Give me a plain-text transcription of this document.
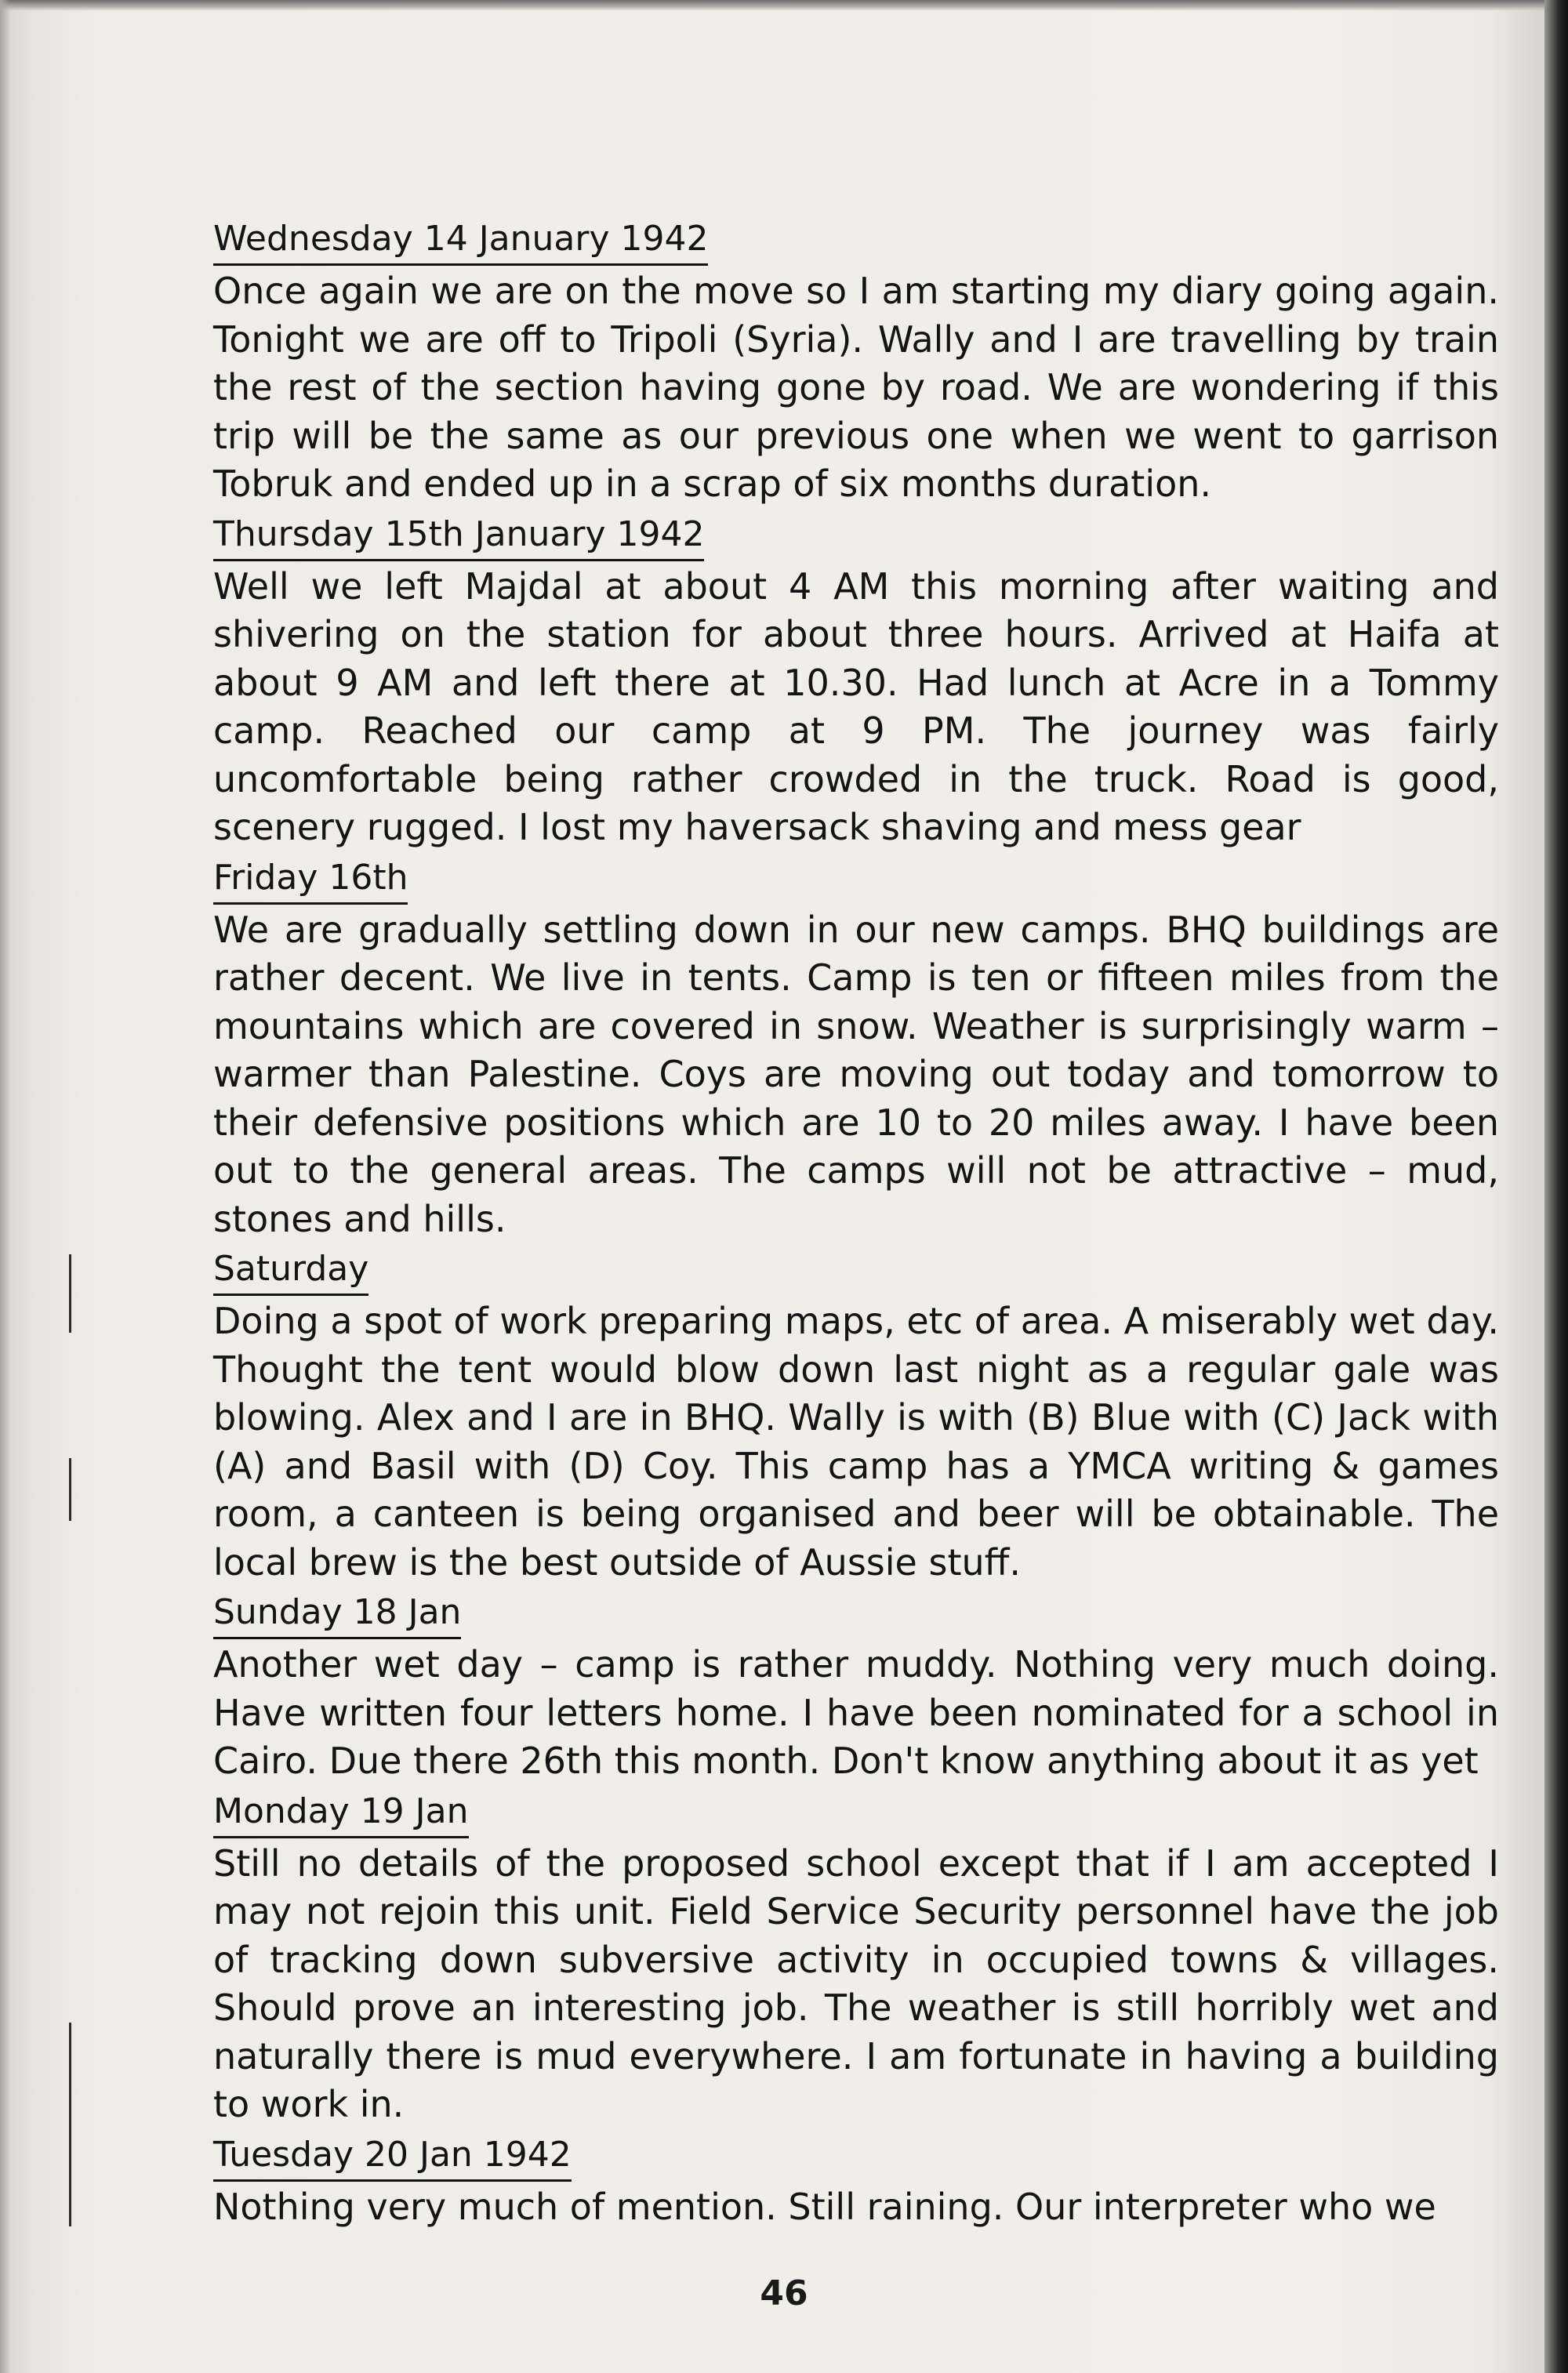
Wednesday 14 January 1942

Once again we are on the move so I am starting my diary going again. Tonight we are off to Tripoli (Syria). Wally and I are travelling by train the rest of the section having gone by road. We are wondering if this trip will be the same as our previous one when we went to garrison Tobruk and ended up in a scrap of six months duration.

Thursday 15th January 1942

Well we left Majdal at about 4 AM this morning after waiting and shivering on the station for about three hours. Arrived at Haifa at about 9 AM and left there at 10.30. Had lunch at Acre in a Tommy camp. Reached our camp at 9 PM. The journey was fairly uncomfortable being rather crowded in the truck. Road is good, scenery rugged. I lost my haversack shaving and mess gear

Friday 16th

We are gradually settling down in our new camps. BHQ buildings are rather decent. We live in tents. Camp is ten or fifteen miles from the mountains which are covered in snow. Weather is surprisingly warm – warmer than Palestine. Coys are moving out today and tomorrow to their defensive positions which are 10 to 20 miles away. I have been out to the general areas. The camps will not be attractive – mud, stones and hills.

Saturday

Doing a spot of work preparing maps, etc of area. A miserably wet day. Thought the tent would blow down last night as a regular gale was blowing. Alex and I are in BHQ. Wally is with (B) Blue with (C) Jack with (A) and Basil with (D) Coy. This camp has a YMCA writing & games room, a canteen is being organised and beer will be obtainable. The local brew is the best outside of Aussie stuff.

Sunday 18 Jan

Another wet day – camp is rather muddy. Nothing very much doing. Have written four letters home. I have been nominated for a school in Cairo. Due there 26th this month. Don't know anything about it as yet

Monday 19 Jan

Still no details of the proposed school except that if I am accepted I may not rejoin this unit. Field Service Security personnel have the job of tracking down subversive activity in occupied towns & villages. Should prove an interesting job. The weather is still horribly wet and naturally there is mud everywhere. I am fortunate in having a building to work in.

Tuesday 20 Jan 1942

Nothing very much of mention. Still raining. Our interpreter who we

46
